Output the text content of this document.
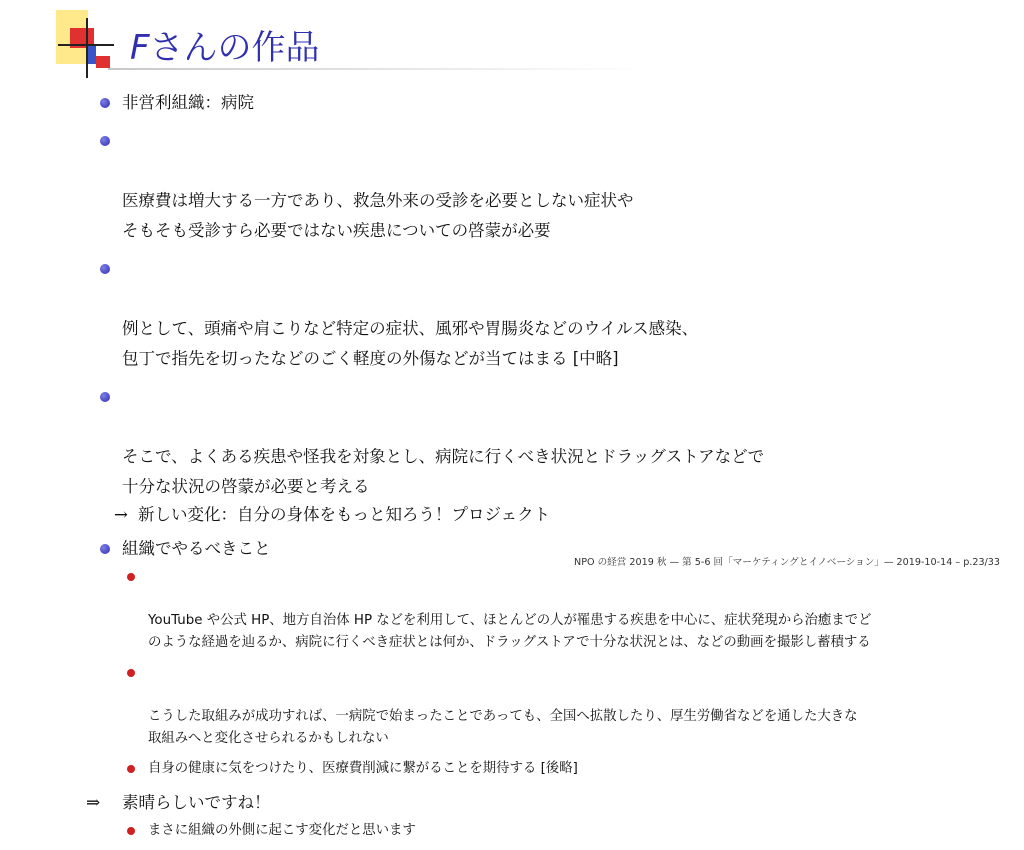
Fさんの作品
非営利組織：病院

医療費は増大する一方であり、救急外来の受診を必要としない症状や
そもそも受診すら必要ではない疾患についての啓蒙が必要

例として、頭痛や肩こりなど特定の症状、風邪や胃腸炎などのウイルス感染、
包丁で指先を切ったなどのごく軽度の外傷などが当てはまる [中略]

そこで、よくある疾患や怪我を対象とし、病院に行くべき状況とドラッグストアなどで
十分な状況の啓蒙が必要と考える

→ 新しい変化：自分の身体をもっと知ろう！プロジェクト
組織でやるべきこと

YouTube や公式 HP、地方自治体 HP などを利用して、ほとんどの人が罹患する疾患を中心に、症状発現から治癒までど
のような経過を辿るか、病院に行くべき症状とは何か、ドラッグストアで十分な状況とは、などの動画を撮影し蓄積する

こうした取組みが成功すれば、一病院で始まったことであっても、全国へ拡散したり、厚生労働省などを通した大きな
取組みへと変化させられるかもしれない

自身の健康に気をつけたり、医療費削減に繋がることを期待する [後略]
⇒ 素晴らしいですね！
まさに組織の外側に起こす変化だと思います
NPO の経営 2019 秋 — 第 5-6 回「マーケティングとイノベーション」— 2019-10-14 – p.23/33
